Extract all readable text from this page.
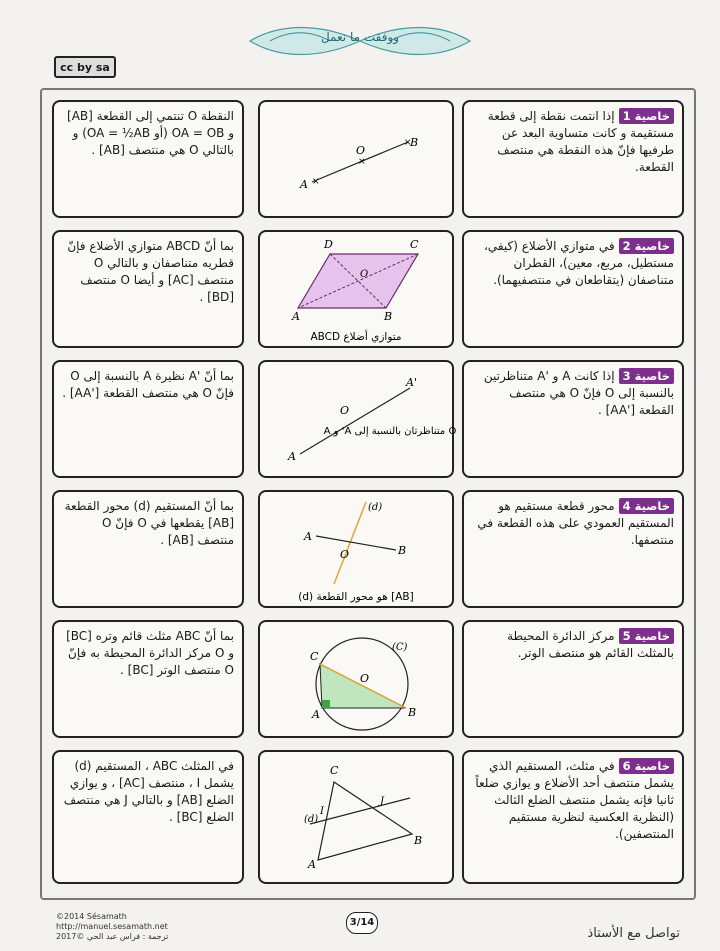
ووفقت ما نعمل
cc by sa
النقطة O تنتمي إلى القطعة [AB] و OA = OB (أو OA = ½AB) و بالتالي O هي منتصف [AB] .
A
O
B
×
×
×
خاصية 1إذا انتمت نقطة إلى قطعة مستقيمة و كانت متساوية البعد عن طرفيها فإنّ هذه النقطة هي منتصف القطعة.
بما أنّ ABCD متوازي الأضلاع فإنّ قطريه متناصفان و بالتالي O منتصف [AC] و أيضا O منتصف [BD] .
D	C
A	B
O
ABCD متوازي أضلاع
خاصية 2في متوازي الأضلاع (كيفي، مستطيل، مربع، معين)، القطران متناصفان (يتقاطعان في منتصفيهما).
بما أنّ 'A نظيرة A بالنسبة إلى O فإنّ O هي منتصف القطعة ['AA] .
A
O
A'
A و 'A متناظرتان بالنسبة إلى O
خاصية 3إذا كانت A و 'A متناظرتين بالنسبة إلى O فإنّ O هي منتصف القطعة ['AA] .
بما أنّ المستقيم (d) محور القطعة [AB] يقطعها في O فإنّ O منتصف [AB] .
(d)
A
O	B
(d) هو محور القطعة [AB]
خاصية 4محور قطعة مستقيم هو المستقيم العمودي على هذه القطعة في منتصفها.
بما أنّ ABC مثلث قائم وتره [BC] و O مركز الدائرة المحيطة به فإنّ O منتصف الوتر [BC] .
C
O
(C)
A	B
خاصية 5مركز الدائرة المحيطة بالمثلث القائم هو منتصف الوتر.
في المثلث ABC ، المستقيم (d) يشمل I ، منتصف [AC] ، و يوازي الضلع [AB] و بالتالي J هي منتصف الضلع [BC] .
C
I
J
(d)
A
B
خاصية 6في مثلث، المستقيم الذي يشمل منتصف أحد الأضلاع و يوازي ضلعاً ثانيا فإنه يشمل منتصف الضلع الثالث (النظرية العكسية لنظرية مستقيم المنتصفين).
©2014 Sésamath
http://manuel.sesamath.net
ترجمة : فراس عبد الحي ©2017
3/14
تواصل مع الأستاذ
